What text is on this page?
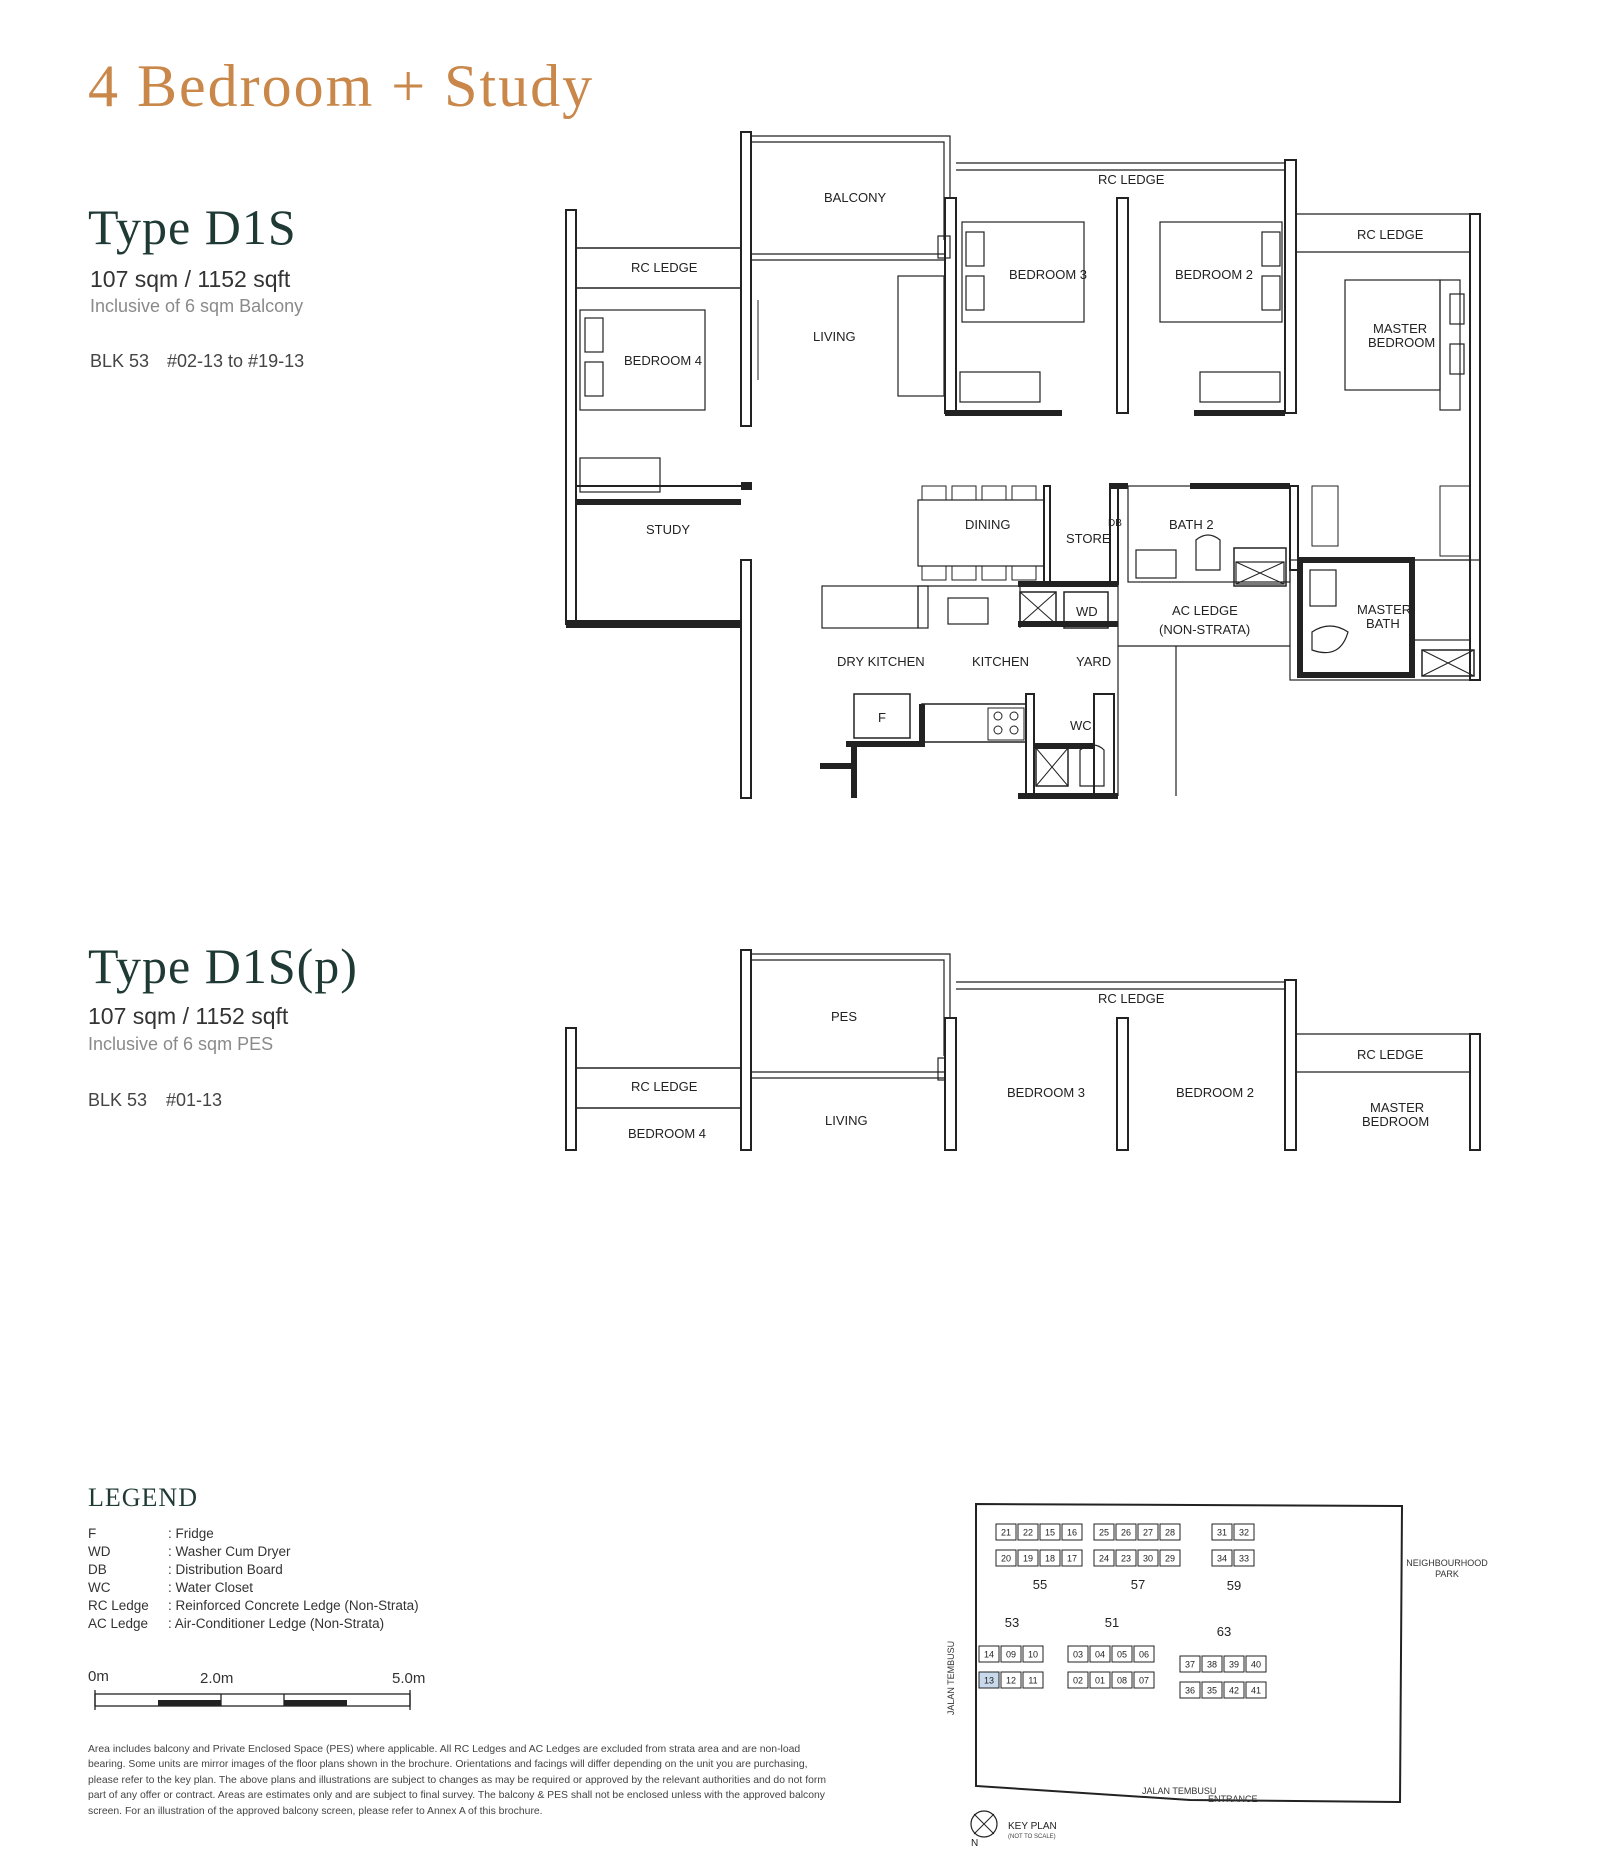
4 Bedroom + Study
Type D1S
107 sqm / 1152 sqft
Inclusive of 6 sqm Balcony
BLK 53 #02-13 to #19-13
Type D1S(p)
107 sqm / 1152 sqft
Inclusive of 6 sqm PES
BLK 53 #01-13
BALCONY
RC LEDGE
RC LEDGE
RC LEDGE	BEDROOM 3	BEDROOM 2
MASTER
BEDROOM
BEDROOM 4
LIVING
STUDY	DINING
STORE
DB	BATH 2
AC LEDGE
(NON-STRATA)
MASTER
BATH
WD
DRY KITCHEN	KITCHEN	YARD
F
WC
PES
RC LEDGE
RC LEDGE
RC LEDGE
BEDROOM 4
LIVING
BEDROOM 3	BEDROOM 2
MASTER
BEDROOM
LEGEND
F	: Fridge
WD	: Washer Cum Dryer
DB	: Distribution Board
WC	: Water Closet
RC Ledge : Reinforced Concrete Ledge (Non-Strata)
AC Ledge : Air-Conditioner Ledge (Non-Strata)
0m	2.0m	5.0m
Area includes balcony and Private Enclosed Space (PES) where applicable. All RC Ledges and AC Ledges are excluded from strata area and are non-load bearing. Some units are mirror images of the floor plans shown in the brochure. Orientations and facings will differ depending on the unit you are purchasing, please refer to the key plan. The above plans and illustrations are subject to changes as may be required or approved by the relevant authorities and do not form part of any offer or contract. Areas are estimates only and are subject to final survey. The balcony & PES shall not be enclosed unless with the approved balcony screen. For an illustration of the approved balcony screen, please refer to Annex A of this brochure.
JALAN TEMBUSU
JALAN TEMBUSU
ENTRANCE
NEIGHBOURHOOD
PARK
21 22 15 16
20 19 18 17
55
25 26 27 28
24 23 30 29
57
31 32
34 33
59
14 09 10
13 12 11
53
03 04 05 06
02 01 08 07
51
37 38 39 40
36 35 42 41
63
N
KEY PLAN
(NOT TO SCALE)
